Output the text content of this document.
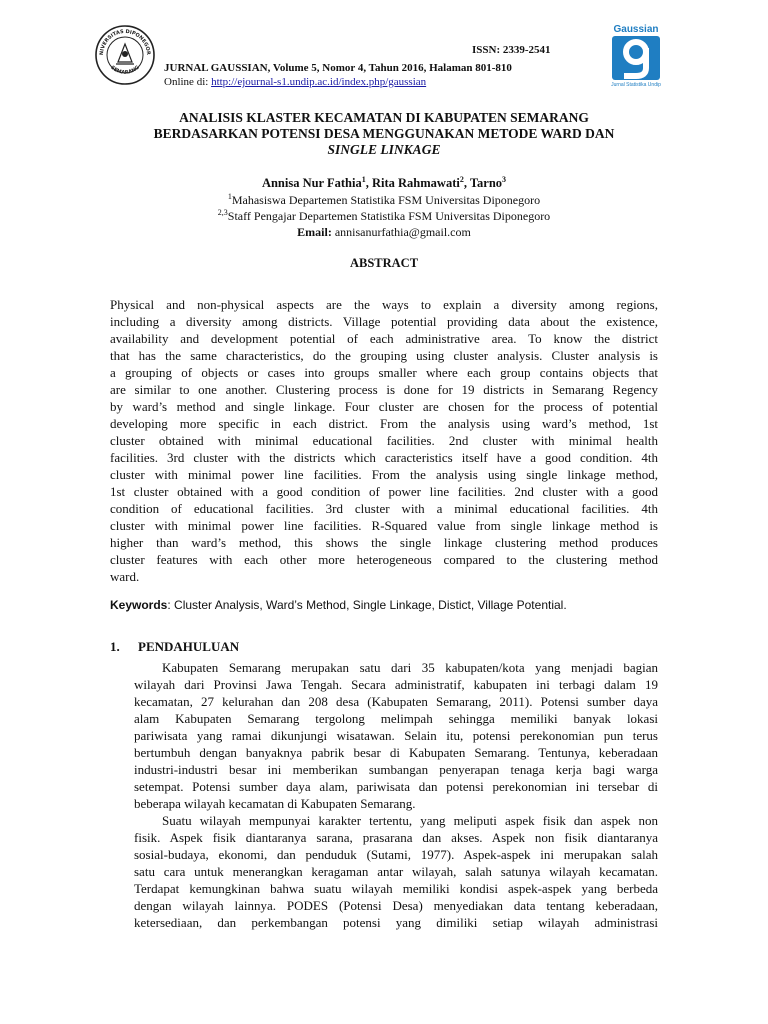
NIVERSITAS DIPONEGOR
SEMARANG
ISSN: 2339-2541
JURNAL GAUSSIAN, Volume 5, Nomor 4, Tahun 2016, Halaman 801-810
Online di: http://ejournal-s1.undip.ac.id/index.php/gaussian
Gaussian
Jurnal Statistika Undip
ANALISIS KLASTER KECAMATAN DI KABUPATEN SEMARANG
BERDASARKAN POTENSI DESA MENGGUNAKAN METODE WARD DAN
SINGLE LINKAGE
Annisa Nur Fathia$^1$, Rita Rahmawati$^2$, Tarno$^3$
$^1$Mahasiswa Departemen Statistika FSM Universitas Diponegoro
$^{2,3}$Staff Pengajar Departemen Statistika FSM Universitas Diponegoro
Email: annisanurfathia@gmail.com
ABSTRACT
Physical and non-physical aspects are the ways to explain a diversity among regions,
including a diversity among districts. Village potential providing data about the existence,
availability and development potential of each administrative area. To know the district
that has the same characteristics, do the grouping using cluster analysis. Cluster analysis is
a grouping of objects or cases into groups smaller where each group contains objects that
are similar to one another. Clustering process is done for 19 districts in Semarang Regency
by ward’s method and single linkage. Four cluster are chosen for the process of potential
developing more specific in each district. From the analysis using ward’s method, 1st
cluster obtained with minimal educational facilities. 2nd cluster with minimal health
facilities. 3rd cluster with the districts which caracteristics itself have a good condition. 4th
cluster with minimal power line facilities. From the analysis using single linkage method,
1st cluster obtained with a good condition of power line facilities. 2nd cluster with a good
condition of educational facilities. 3rd cluster with a minimal educational facilities. 4th
cluster with minimal power line facilities. R-Squared value from single linkage method is
higher than ward’s method, this shows the single linkage clustering method produces
cluster features with each other more heterogeneous compared to the clustering method
ward.
Keywords: Cluster Analysis, Ward’s Method, Single Linkage, Distict, Village Potential.
1. PENDAHULUAN
Kabupaten Semarang merupakan satu dari 35 kabupaten/kota yang menjadi bagian
wilayah dari Provinsi Jawa Tengah. Secara administratif, kabupaten ini terbagi dalam 19
kecamatan, 27 kelurahan dan 208 desa (Kabupaten Semarang, 2011). Potensi sumber daya
alam Kabupaten Semarang tergolong melimpah sehingga memiliki banyak lokasi
pariwisata yang ramai dikunjungi wisatawan. Selain itu, potensi perekonomian pun terus
bertumbuh dengan banyaknya pabrik besar di Kabupaten Semarang. Tentunya, keberadaan
industri-industri besar ini memberikan sumbangan penyerapan tenaga kerja bagi warga
setempat. Potensi sumber daya alam, pariwisata dan potensi perekonomian ini tersebar di
beberapa wilayah kecamatan di Kabupaten Semarang.
Suatu wilayah mempunyai karakter tertentu, yang meliputi aspek fisik dan aspek non
fisik. Aspek fisik diantaranya sarana, prasarana dan akses. Aspek non fisik diantaranya
sosial-budaya, ekonomi, dan penduduk (Sutami, 1977). Aspek-aspek ini merupakan salah
satu cara untuk menerangkan keragaman antar wilayah, salah satunya wilayah kecamatan.
Terdapat kemungkinan bahwa suatu wilayah memiliki kondisi aspek-aspek yang berbeda
dengan wilayah lainnya. PODES (Potensi Desa) menyediakan data tentang keberadaan,
ketersediaan, dan perkembangan potensi yang dimiliki setiap wilayah administrasi
